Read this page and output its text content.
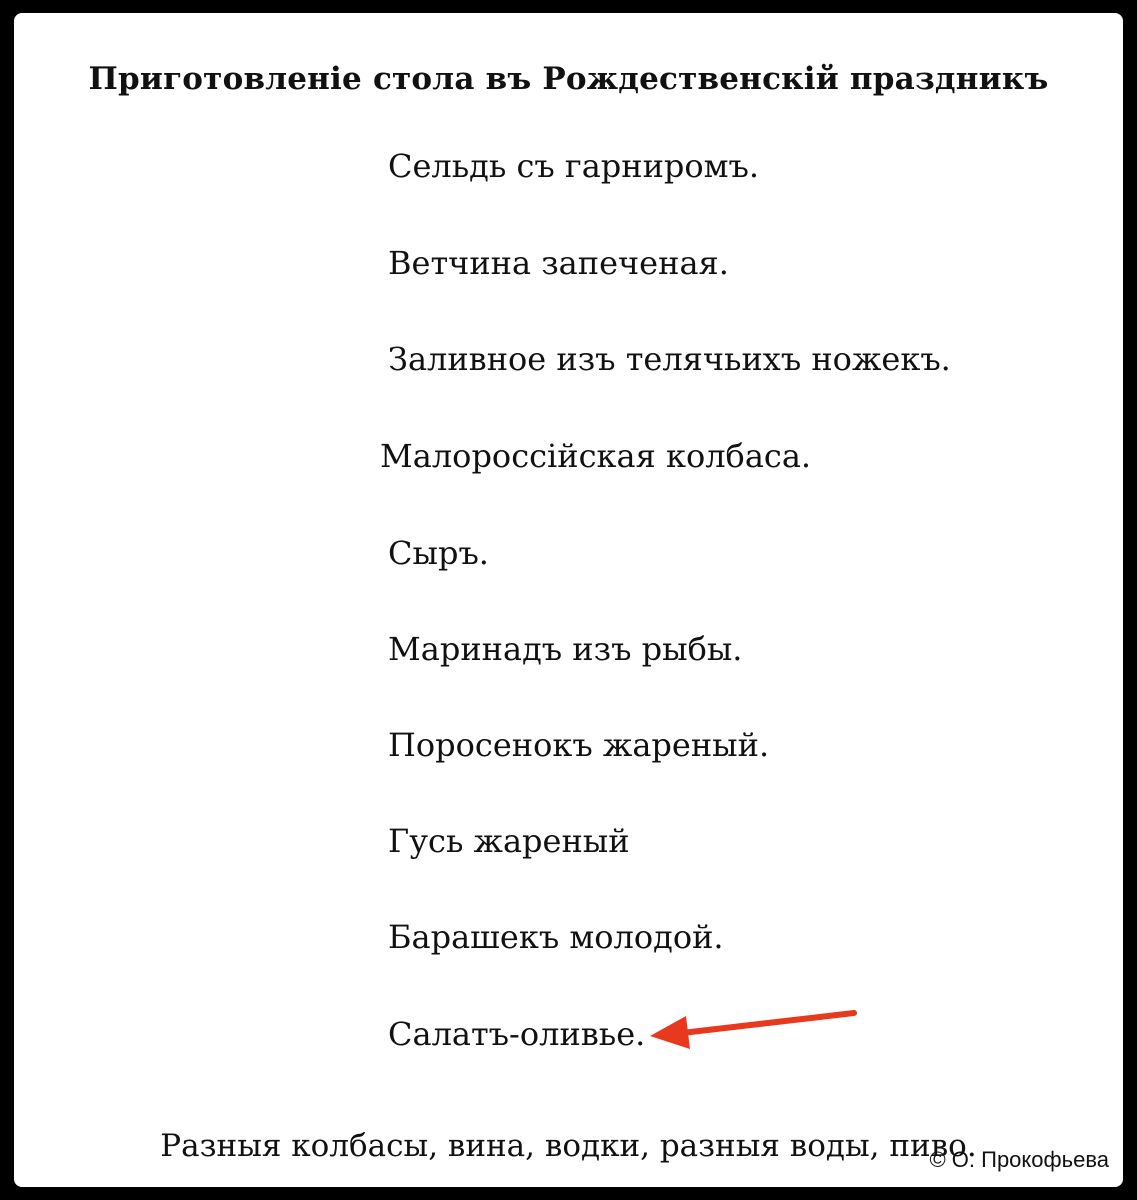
Приготовленіе стола въ Рождественскій праздникъ
Сельдь съ гарниромъ.
Ветчина запеченая.
Заливное изъ телячьихъ ножекъ.
Малороссійская колбаса.
Сыръ.
Маринадъ изъ рыбы.
Поросенокъ жареный.
Гусь жареный
Барашекъ молодой.
Салатъ-оливье.
Разныя колбасы, вина, водки, разныя воды, пиво.
© О. Прокофьева
